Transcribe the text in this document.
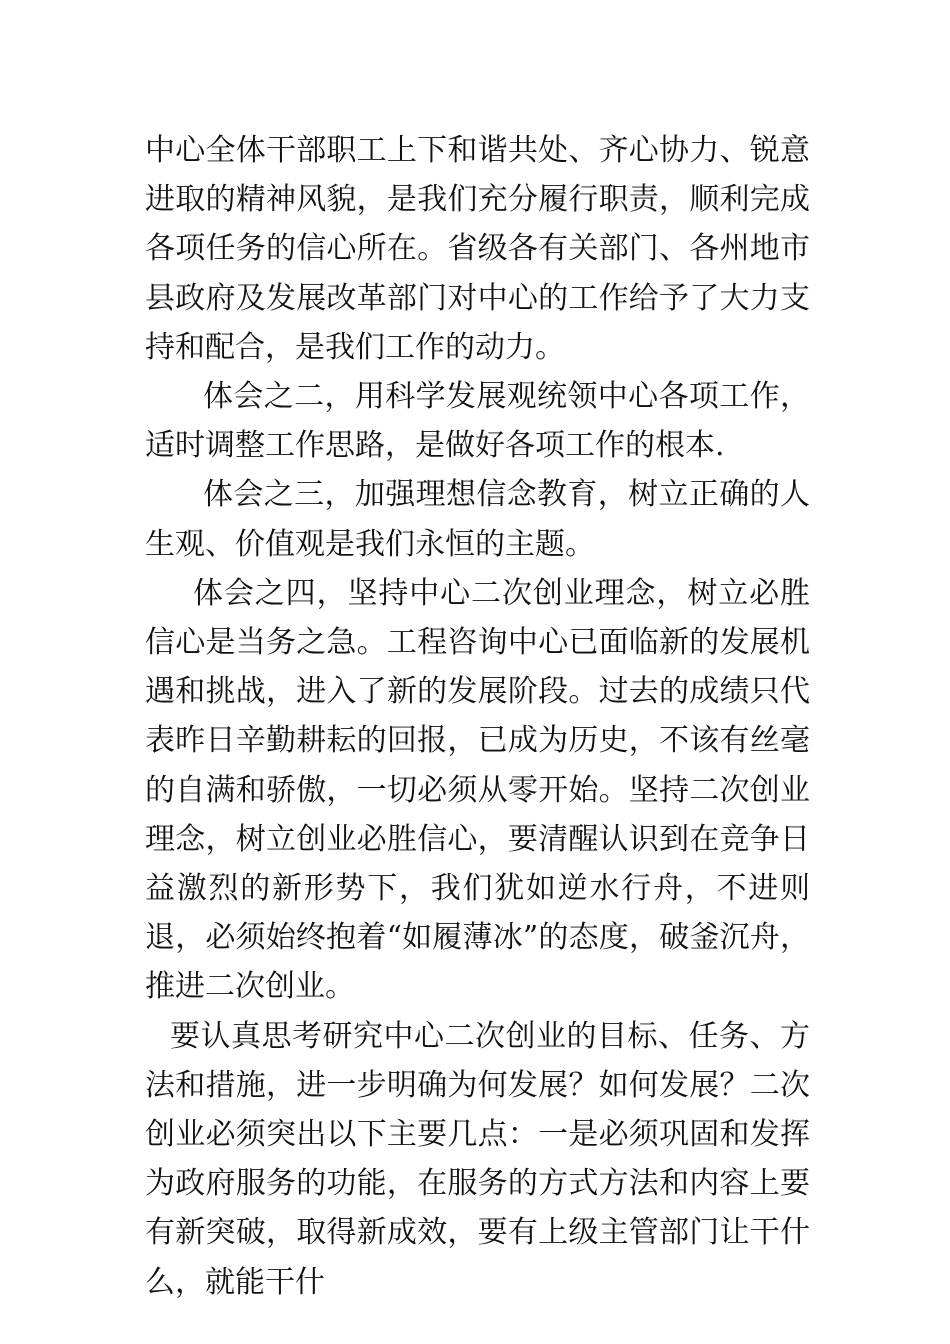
中心全体干部职工上下和谐共处、齐心协力、锐意进取的精神风貌，是我们充分履行职责，顺利完成各项任务的信心所在。省级各有关部门、各州地市县政府及发展改革部门对中心的工作给予了大力支持和配合，是我们工作的动力。

体会之二，用科学发展观统领中心各项工作，适时调整工作思路，是做好各项工作的根本.

体会之三，加强理想信念教育，树立正确的人生观、价值观是我们永恒的主题。

体会之四，坚持中心二次创业理念，树立必胜信心是当务之急。工程咨询中心已面临新的发展机遇和挑战，进入了新的发展阶段。过去的成绩只代表昨日辛勤耕耘的回报，已成为历史，不该有丝毫的自满和骄傲，一切必须从零开始。坚持二次创业理念，树立创业必胜信心，要清醒认识到在竞争日益激烈的新形势下，我们犹如逆水行舟，不进则退，必须始终抱着“如履薄冰”的态度，破釜沉舟，推进二次创业。

要认真思考研究中心二次创业的目标、任务、方法和措施，进一步明确为何发展？如何发展？二次创业必须突出以下主要几点：一是必须巩固和发挥为政府服务的功能，在服务的方式方法和内容上要有新突破，取得新成效，要有上级主管部门让干什么，就能干什
